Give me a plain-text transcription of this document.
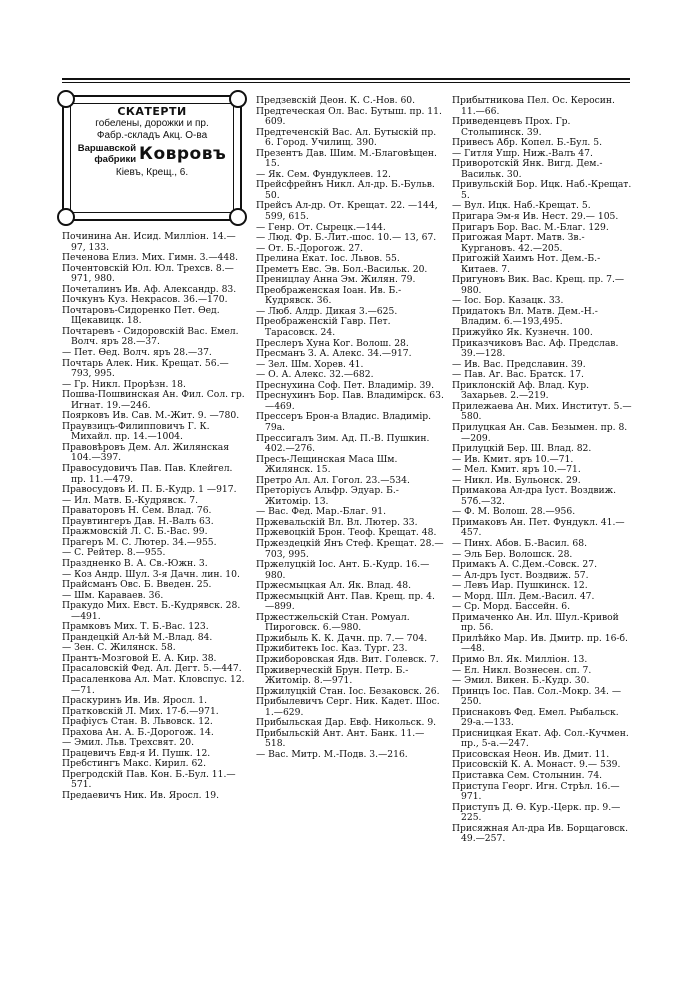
СКАТЕРТИ
гобелены, дорожки и пр.
Фабр.-складъ Акц. О-ва
Варшавской
фабрики Ковровъ
Кіевъ, Крещ., 6.
Починина Ан. Исид. Милліон. 14.—97, 133.
Печенова Елиз. Мих. Гимн. 3.—448.
Почентовскій Юл. Юл. Трехсв. 8.—971, 980.
Почеталинъ Ив. Аф. Александр. 83.
Почкунъ Куз. Некрасов. 36.—170.
Почтаровъ-Сидоренко Пет. Өед. Щекавицк. 18.
Почтаревъ - Сидоровскій Вас. Емел. Волч. яръ 28.—37.
— Пет. Өед. Волч. яръ 28.—37.
Почтарь Алек. Ник. Крещат. 56.—793, 995.
— Гр. Никл. Прорѣзн. 18.
Пошва-Пошвинская Ан. Фил. Сол. гр. Игнат. 19.—246.
Поярковъ Ив. Сав. М.-Жит. 9. —780.
Праувзицъ-Филипповичъ Г. К. Михайл. пр. 14.—1004.
Правовѣровъ Дем. Ал. Жилянская 104.—397.
Правосудовичъ Пав. Пав. Клейгел. пр. 11.—479.
Правосудовъ И. П. Б.-Кудр. 1 —917.
— Ил. Матв. Б.-Кудрявск. 7.
Праваторовъ Н. Сем. Влад. 76.
Праувтингеръ Дав. Н.-Валъ 63.
Пражмовскій Л. С. Б.-Вас. 99.
Прагеръ М. С. Лютер. 34.—955.
— С. Рейтер. 8.—955.
Праздненко В. А. Св.-Южн. 3.
— Коз Андр. Шул. 3-я Дачн. лин. 10.
Прайсманъ Овс. Б. Введен. 25.
— Шм. Караваев. 36.
Пракудо Мих. Евст. Б.-Кудрявск. 28.—491.
Прамковъ Мих. Т. Б.-Вас. 123.
Прандецкій Ал-ѣй М.-Влад. 84.
— Зен. С. Жилянск. 58.
Прантъ-Мозговой Е. А. Кир. 38.
Прасаловскій Фед. Ал. Дегт. 5.—447.
Прасаленкова Ал. Мат. Кловспус. 12.—71.
Праскуринъ Ив. Ив. Яросл. 1.
Пратковскій Л. Мих. 17-б.—971.
Прафіусъ Стан. В. Львовск. 12.
Прахова Ан. А. Б.-Дорогож. 14.
— Эмил. Льв. Трехсвят. 20.
Працевичъ Евд-я И. Пушк. 12.
Пребстингъ Макс. Кирил. 62.
Прегродскій Пав. Кон. Б.-Бул. 11.—571.
Предаевичъ Ник. Ив. Яросл. 19.
Предзевскій Деон. К. С.-Нов. 60.
Предтеческая Ол. Вас. Бутыш. пр. 11. 609.
Предтеченскій Вас. Ал. Бутыскій пр. 6. Город. Училищ. 390.
Презентъ Дав. Шим. М.-Благовѣщен. 15.
— Як. Сем. Фундуклеев. 12.
Прейсфрейнъ Никл. Ал-др. Б.-Бульв. 50.
Прейсъ Ал-др. От. Крещат. 22. —144, 599, 615.
— Генр. От. Сырецк.—144.
— Люд. Фр. Б.-Лит.-шос. 10.— 13, 67.
— От. Б.-Дорогож. 27.
Прелина Екат. Іос. Львов. 55.
Преметъ Евс. Эв. Бол.-Васильк. 20.
Преницлау Анна Эм. Жилян. 79.
Преображенская Іоан. Ив. Б.-Кудрявск. 36.
— Люб. Алдр. Дикая 3.—625.
Преображенскій Гавр. Пет. Тарасовск. 24.
Преслеръ Хуна Ког. Волош. 28.
Пресманъ З. А. Алекс. 34.—917.
— Зел. Шм. Хорев. 41.
— О. А. Алекс. 32.—682.
Преснухина Соф. Пет. Владимір. 39.
Преснухинъ Бор. Пав. Владимірск. 63.—469.
Прессеръ Брон-а Владис. Владимір. 79а.
Прессигалъ Зим. Ад. П.-В. Пушкин. 402.—276.
Пресъ-Лещинская Маса Шм. Жилянск. 15.
Претро Ал. Ал. Гогол. 23.—534.
Преторіусъ Альфр. Эдуар. Б.-Житомір. 13.
— Вас. Фед. Мар.-Благ. 91.
Пржевальскій Вл. Вл. Лютер. 33.
Пржевоцкій Брон. Теоф. Крещат. 48.
Пржездецкій Янъ Стеф. Крещат. 28.—703, 995.
Пржелуцкій Іос. Ант. Б.-Кудр. 16.—980.
Пржесмыцкая Ал. Як. Влад. 48.
Пржесмыцкій Ант. Пав. Крещ. пр. 4.—899.
Пржестжельскій Стан. Ромуал. Пироговск. 6.—980.
Пржибыль К. К. Дачн. пр. 7.— 704.
Пржибитекъ Іос. Каз. Тург. 23.
Пржиборовская Ядв. Вит. Голевск. 7.
Прживерческій Брун. Петр. Б.-Житомір. 8.—971.
Пржилуцкій Стан. Іос. Безаковск. 26.
Прибылевичъ Серг. Ник. Кадет. Шос. 1.—629.
Прибыльская Дар. Евф. Никольск. 9.
Прибыльскій Ант. Ант. Банк. 11.—518.
— Вас. Митр. М.-Подв. 3.—216.
Прибытникова Пел. Ос. Керосин. 11.—66.
Приведенцевъ Прох. Гр. Столыпинск. 39.
Привесъ Абр. Копел. Б.-Бул. 5.
— Гитля Ушр. Ниж.-Валъ 47.
Приворотскій Янк. Вигд. Дем.-Васильк. 30.
Привульскій Бор. Ицк. Наб.-Крещат. 5.
— Вул. Ицк. Наб.-Крещат. 5.
Пригара Эм-я Ив. Нест. 29.— 105.
Пригаръ Бор. Вас. М.-Благ. 129.
Пригожая Март. Матв. Зв.-Кургановъ. 42.—205.
Пригожій Хаимъ Нот. Дем.-Б.-Китаев. 7.
Пригуновъ Вик. Вас. Крещ. пр. 7.—980.
— Іос. Бор. Казацк. 33.
Придатокъ Вл. Матв. Дем.-Н.-Владим. 6.—193,495.
Прижуйко Як. Кузнечн. 100.
Приказчиковъ Вас. Аф. Предслав. 39.—128.
— Ив. Вас. Предславин. 39.
— Пав. Аг. Вас. Братск. 17.
Приклонскій Аф. Влад. Кур. Захарьев. 2.—219.
Прилежаева Ан. Мих. Институт. 5.—580.
Прилуцкая Ан. Сав. Безымен. пр. 8.—209.
Прилуцкій Бер. Ш. Влад. 82.
— Ив. Кмит. яръ 10.—71.
— Мел. Кмит. яръ 10.—71.
— Никл. Ив. Бульонск. 29.
Примакова Ал-дра Іуст. Воздвиж. 57б.—32.
— Ф. М. Волош. 28.—956.
Примаковъ Ан. Пет. Фундукл. 41.—457.
— Пинх. Абов. Б.-Васил. 68.
— Эль Бер. Волошск. 28.
Примакъ А. С.Дем.-Совск. 27.
— Ал-дръ Іуст. Воздвиж. 57.
— Левъ Иар. Пушкинск. 12.
— Морд. Шл. Дем.-Васил. 47.
— Ср. Морд. Бассейн. 6.
Примаченко Ан. Ил. Шул.-Кривой пр. 56.
Прилѣйко Мар. Ив. Дмитр. пр. 16-б.—48.
Примо Вл. Як. Милліон. 13.
— Ел. Никл. Вознесен. сп. 7.
— Эмил. Викен. Б.-Кудр. 30.
Принцъ Іос. Пав. Сол.-Мокр. 34. —250.
Приснаковъ Фед. Емел. Рыбальск. 29-а.—133.
Присницкая Екат. Аф. Сол.-Кучмен. пр., 5-а.—247.
Присовская Неон. Ив. Дмит. 11.
Присовскій К. А. Монаст. 9.— 539.
Приставка Сем. Столынин. 74.
Приступа Георг. Игн. Стрѣл. 16.—971.
Приступъ Д. Ө. Кур.-Церк. пр. 9.—225.
Присяжная Ал-дра Ив. Борщаговск. 49.—257.
